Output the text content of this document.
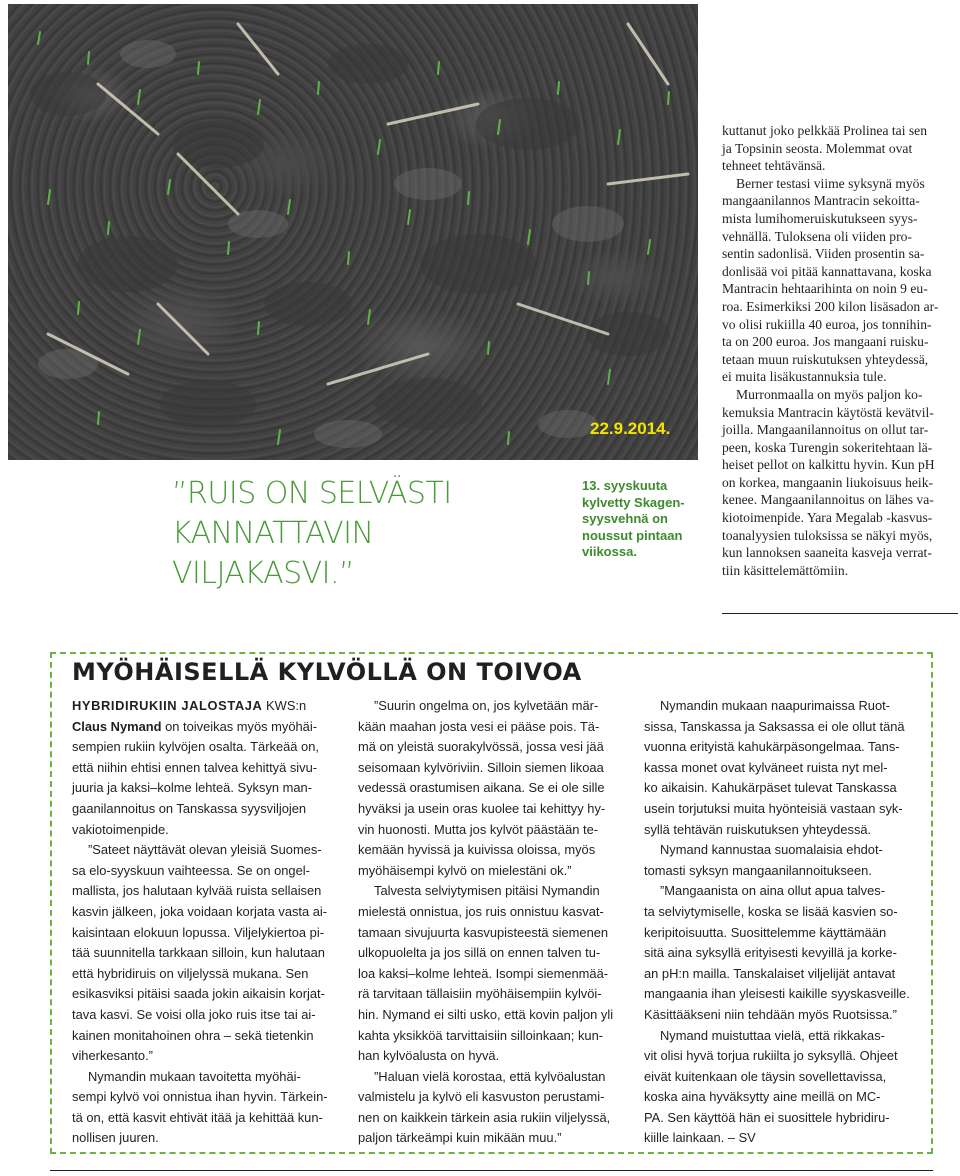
22.9.2014.
”RUIS ON SELVÄSTI
KANNATTAVIN
VILJAKASVI.”
13. syyskuuta
kylvetty Skagen-
syysvehnä on
noussut pintaan
viikossa.
kuttanut joko pelkkää Prolinea tai sen
ja Topsinin seosta. Molemmat ovat
tehneet tehtävänsä.
Berner testasi viime syksynä myös
mangaanilannos Mantracin sekoitta-
mista lumihomeruiskutukseen syys-
vehnällä. Tuloksena oli viiden pro-
sentin sadonlisä. Viiden prosentin sa-
donlisää voi pitää kannattavana, koska
Mantracin hehtaarihinta on noin 9 eu-
roa. Esimerkiksi 200 kilon lisäsadon ar-
vo olisi rukiilla 40 euroa, jos tonnihin-
ta on 200 euroa. Jos mangaani ruisku-
tetaan muun ruiskutuksen yhteydessä,
ei muita lisäkustannuksia tule.
Murronmaalla on myös paljon ko-
kemuksia Mantracin käytöstä kevätvil-
joilla. Mangaanilannoitus on ollut tar-
peen, koska Turengin sokeritehtaan lä-
heiset pellot on kalkittu hyvin. Kun pH
on korkea, mangaanin liukoisuus heik-
kenee. Mangaanilannoitus on lähes va-
kiotoimenpide. Yara Megalab -kasvus-
toanalyysien tuloksissa se näkyi myös,
kun lannoksen saaneita kasveja verrat-
tiin käsittelemättömiin.
MYÖHÄISELLÄ KYLVÖLLÄ ON TOIVOA
HYBRIDIRUKIIN JALOSTAJA KWS:n
Claus Nymand on toiveikas myös myöhäi-
sempien rukiin kylvöjen osalta. Tärkeää on,
että niihin ehtisi ennen talvea kehittyä sivu-
juuria ja kaksi–kolme lehteä. Syksyn man-
gaanilannoitus on Tanskassa syysviljojen
vakiotoimenpide.
”Sateet näyttävät olevan yleisiä Suomes-
sa elo-syyskuun vaihteessa. Se on ongel-
mallista, jos halutaan kylvää ruista sellaisen
kasvin jälkeen, joka voidaan korjata vasta ai-
kaisintaan elokuun lopussa. Viljelykiertoa pi-
tää suunnitella tarkkaan silloin, kun halutaan
että hybridiruis on viljelyssä mukana. Sen
esikasviksi pitäisi saada jokin aikaisin korjat-
tava kasvi. Se voisi olla joko ruis itse tai ai-
kainen monitahoinen ohra – sekä tietenkin
viherkesanto.”
Nymandin mukaan tavoitetta myöhäi-
sempi kylvö voi onnistua ihan hyvin. Tärkein-
tä on, että kasvit ehtivät itää ja kehittää kun-
nollisen juuren.
”Suurin ongelma on, jos kylvetään mär-
kään maahan josta vesi ei pääse pois. Tä-
mä on yleistä suorakylvössä, jossa vesi jää
seisomaan kylvöriviin. Silloin siemen likoaa
vedessä orastumisen aikana. Se ei ole sille
hyväksi ja usein oras kuolee tai kehittyy hy-
vin huonosti. Mutta jos kylvöt päästään te-
kemään hyvissä ja kuivissa oloissa, myös
myöhäisempi kylvö on mielestäni ok.”
Talvesta selviytymisen pitäisi Nymandin
mielestä onnistua, jos ruis onnistuu kasvat-
tamaan sivujuurta kasvupisteestä siemenen
ulkopuolelta ja jos sillä on ennen talven tu-
loa kaksi–kolme lehteä. Isompi siemenmää-
rä tarvitaan tällaisiin myöhäisempiin kylvöi-
hin. Nymand ei silti usko, että kovin paljon yli
kahta yksikköä tarvittaisiin silloinkaan; kun-
han kylvöalusta on hyvä.
”Haluan vielä korostaa, että kylvöalustan
valmistelu ja kylvö eli kasvuston perustami-
nen on kaikkein tärkein asia rukiin viljelyssä,
paljon tärkeämpi kuin mikään muu.”
Nymandin mukaan naapurimaissa Ruot-
sissa, Tanskassa ja Saksassa ei ole ollut tänä
vuonna erityistä kahukärpäsongelmaa. Tans-
kassa monet ovat kylväneet ruista nyt mel-
ko aikaisin. Kahukärpäset tulevat Tanskassa
usein torjutuksi muita hyönteisiä vastaan syk-
syllä tehtävän ruiskutuksen yhteydessä.
Nymand kannustaa suomalaisia ehdot-
tomasti syksyn mangaanilannoitukseen.
”Mangaanista on aina ollut apua talves-
ta selviytymiselle, koska se lisää kasvien so-
keripitoisuutta. Suosittelemme käyttämään
sitä aina syksyllä erityisesti kevyillä ja korke-
an pH:n mailla. Tanskalaiset viljelijät antavat
mangaania ihan yleisesti kaikille syyskasveille.
Käsittääkseni niin tehdään myös Ruotsissa.”
Nymand muistuttaa vielä, että rikkakas-
vit olisi hyvä torjua rukiilta jo syksyllä. Ohjeet
eivät kuitenkaan ole täysin sovellettavissa,
koska aina hyväksytty aine meillä on MC-
PA. Sen käyttöä hän ei suosittele hybridiru-
kiille lainkaan. – SV
